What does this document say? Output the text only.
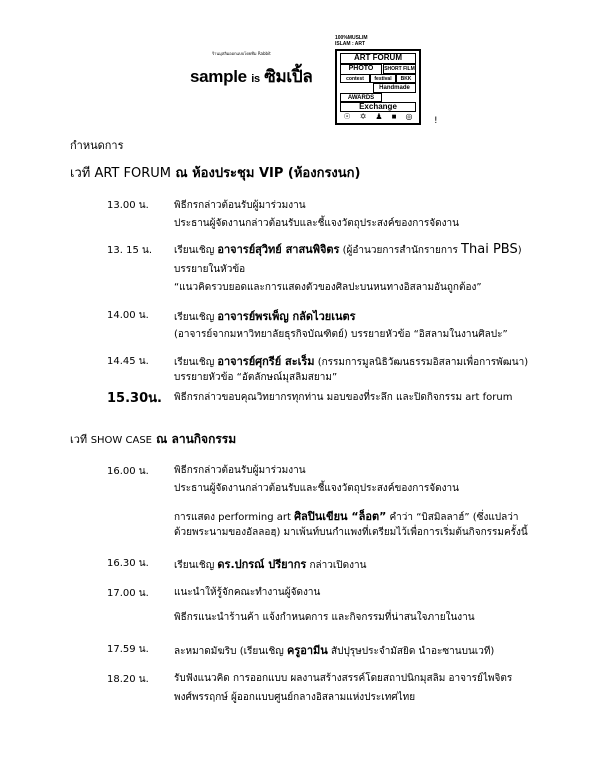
ร้านมุสลิมออกแบบโดยทีม Rabbit
sample is ซิมเปิ้ล
100%MUSLIM
ISLAM : ART
ART FORUM
PHOTO	SHORT FILM
contest	festival	BKK
Handmade
AWARDS
Exchange
☉ ✡ ♟ ■ ◎ !
กำหนดการ
เวที ART FORUM ณ ห้องประชุม VIP (ห้องกรงนก)
13.00 น.	พิธีกรกล่าวต้อนรับผู้มาร่วมงาน
ประธานผู้จัดงานกล่าวต้อนรับและชี้แจงวัตถุประสงค์ของการจัดงาน
13. 15 น. เรียนเชิญ อาจารย์สุวิทย์ สาสนพิจิตร (ผู้อำนวยการสำนักรายการ Thai PBS)
บรรยายในหัวข้อ
“แนวคิดรวบยอดและการแสดงตัวของศิลปะบนหนทางอิสลามอันถูกต้อง”
14.00 น.	เรียนเชิญ อาจารย์พรเพ็ญ กลัดไวยเนตร
(อาจารย์จากมหาวิทยาลัยธุรกิจบัณฑิตย์) บรรยายหัวข้อ “อิสลามในงานศิลปะ”
14.45 น.	เรียนเชิญ อาจารย์ศุกรีย์ สะเร็ม (กรรมการมูลนิธิวัฒนธรรมอิสลามเพื่อการพัฒนา)
บรรยายหัวข้อ “อัตลักษณ์มุสลิมสยาม”
15.30น. พิธีกรกล่าวขอบคุณวิทยากรทุกท่าน มอบของที่ระลึก และปิดกิจกรรม art forum
เวที SHOW CASE ณ ลานกิจกรรม
16.00 น.	พิธีกรกล่าวต้อนรับผู้มาร่วมงาน
ประธานผู้จัดงานกล่าวต้อนรับและชี้แจงวัตถุประสงค์ของการจัดงาน
การแสดง performing art ศิลปินเขียน “ล็อต” คำว่า “บิสมิลลาฮ์” (ซึ่งแปลว่า
ด้วยพระนามของอัลลอฮฺ) มาเพ้นท์บนกำแพงที่เตรียมไว้เพื่อการเริ่มต้นกิจกรรมครั้งนี้
16.30 น.	เรียนเชิญ ดร.ปกรณ์ ปรียากร กล่าวเปิดงาน
17.00 น.	แนะนำให้รู้จักคณะทำงานผู้จัดงาน
พิธีกรแนะนำร้านค้า แจ้งกำหนดการ และกิจกรรมที่น่าสนใจภายในงาน
17.59 น.	ละหมาดมัฆริบ (เรียนเชิญ ครูอามีน สัปปุรุษประจำมัสยิด นำอะซานบนเวที)
18.20 น.	รับฟังแนวคิด การออกแบบ ผลงานสร้างสรรค์โดยสถาปนิกมุสลิม อาจารย์ไพจิตร
พงศ์พรรฤกษ์ ผู้ออกแบบศูนย์กลางอิสลามแห่งประเทศไทย
